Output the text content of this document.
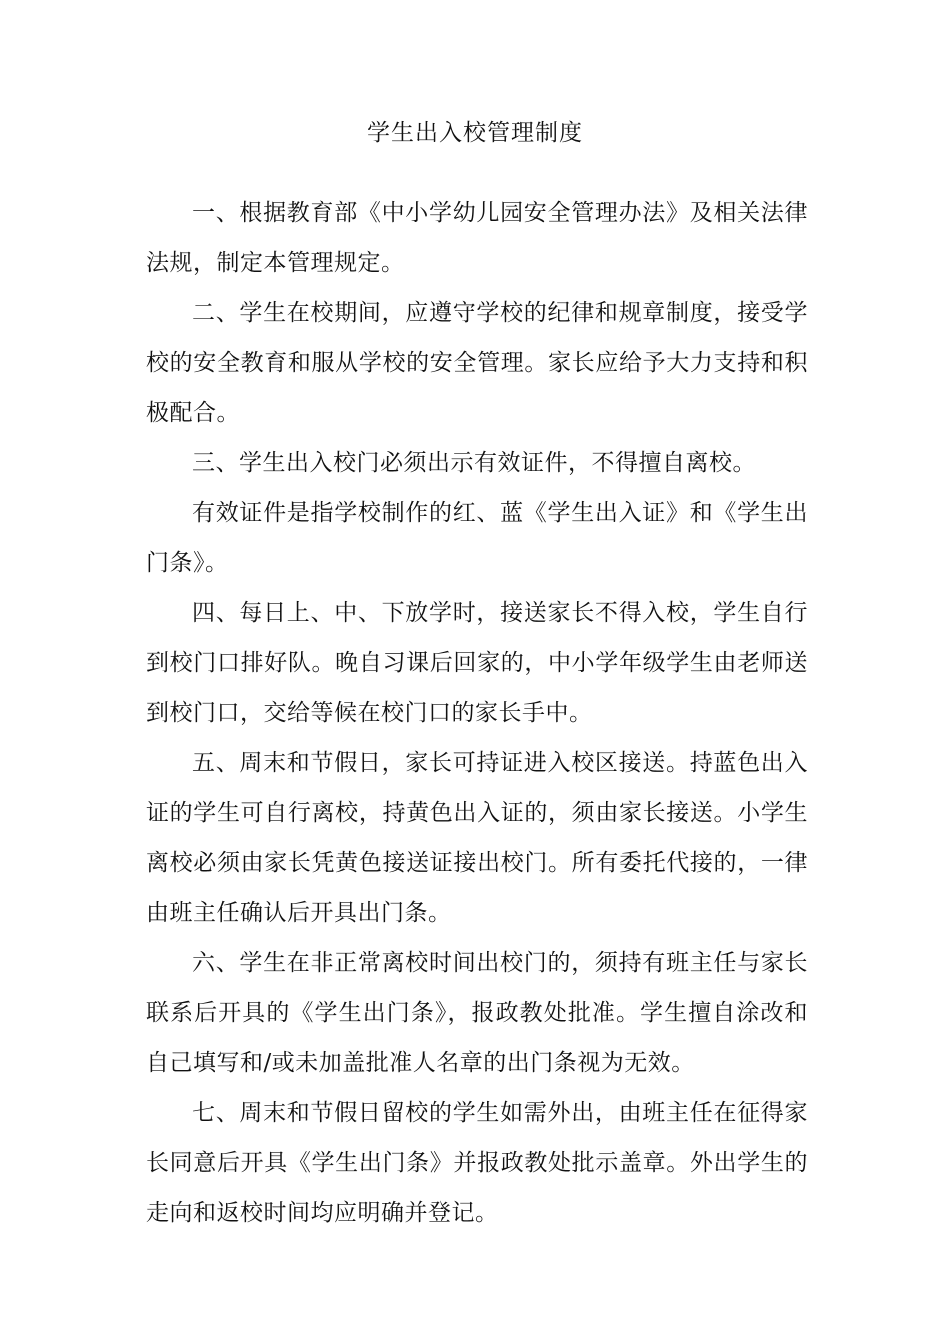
学生出入校管理制度

一、根据教育部《中小学幼儿园安全管理办法》及相关法律法规，制定本管理规定。

二、学生在校期间，应遵守学校的纪律和规章制度，接受学校的安全教育和服从学校的安全管理。家长应给予大力支持和积极配合。

三、学生出入校门必须出示有效证件，不得擅自离校。

有效证件是指学校制作的红、蓝《学生出入证》和《学生出门条》。

四、每日上、中、下放学时，接送家长不得入校，学生自行到校门口排好队。晚自习课后回家的，中小学年级学生由老师送到校门口，交给等候在校门口的家长手中。

五、周末和节假日，家长可持证进入校区接送。持蓝色出入证的学生可自行离校，持黄色出入证的，须由家长接送。小学生离校必须由家长凭黄色接送证接出校门。所有委托代接的，一律由班主任确认后开具出门条。

六、学生在非正常离校时间出校门的，须持有班主任与家长联系后开具的《学生出门条》，报政教处批准。学生擅自涂改和自己填写和/或未加盖批准人名章的出门条视为无效。

七、周末和节假日留校的学生如需外出，由班主任在征得家长同意后开具《学生出门条》并报政教处批示盖章。外出学生的走向和返校时间均应明确并登记。
